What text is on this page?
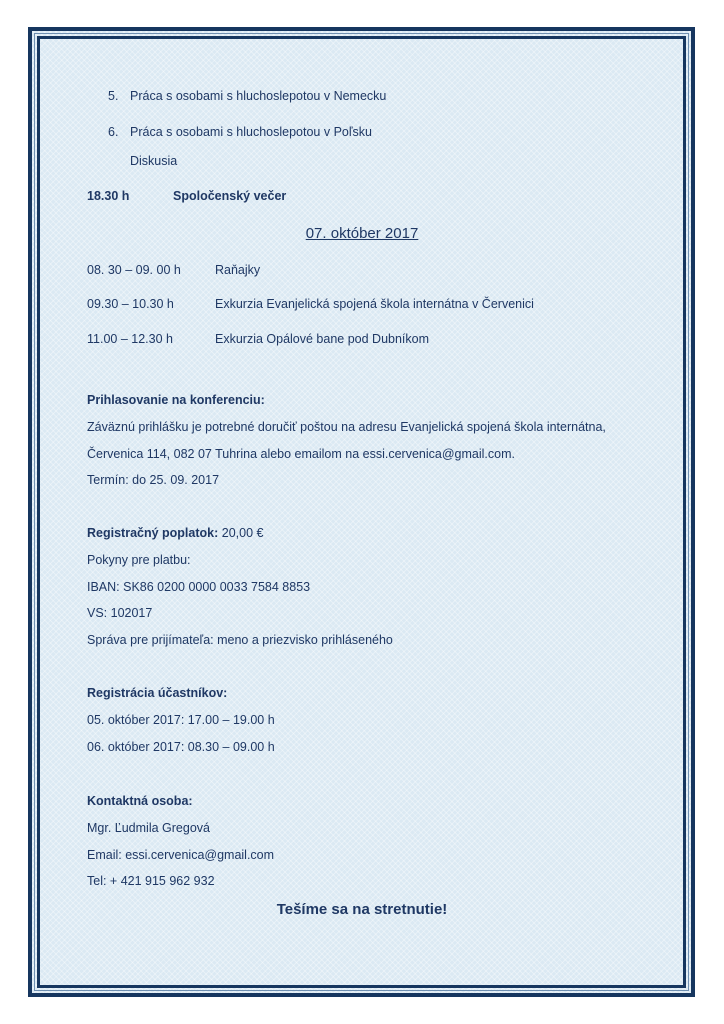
5. Práca s osobami s hluchoslepotou v Nemecku
6. Práca s osobami s hluchoslepotou v Poľsku
Diskusia
18.30 h	Spoločenský večer
07. október 2017
08. 30 – 09. 00 h	Raňajky
09.30 – 10.30 h	Exkurzia Evanjelická spojená škola internátna v Červenici
11.00 – 12.30 h	Exkurzia Opálové bane pod Dubníkom
Prihlasovanie na konferenciu:
Záväznú prihlášku je potrebné doručiť poštou na adresu Evanjelická spojená škola internátna,
Červenica 114, 082 07 Tuhrina alebo emailom na essi.cervenica@gmail.com.
Termín: do 25. 09. 2017
Registračný poplatok: 20,00 €
Pokyny pre platbu:
IBAN: SK86 0200 0000 0033 7584 8853
VS: 102017
Správa pre prijímateľa: meno a priezvisko prihláseného
Registrácia účastníkov:
05. október 2017: 17.00 – 19.00 h
06. október 2017: 08.30 – 09.00 h
Kontaktná osoba:
Mgr. Ľudmila Gregová
Email: essi.cervenica@gmail.com
Tel: + 421 915 962 932
Tešíme sa na stretnutie!
